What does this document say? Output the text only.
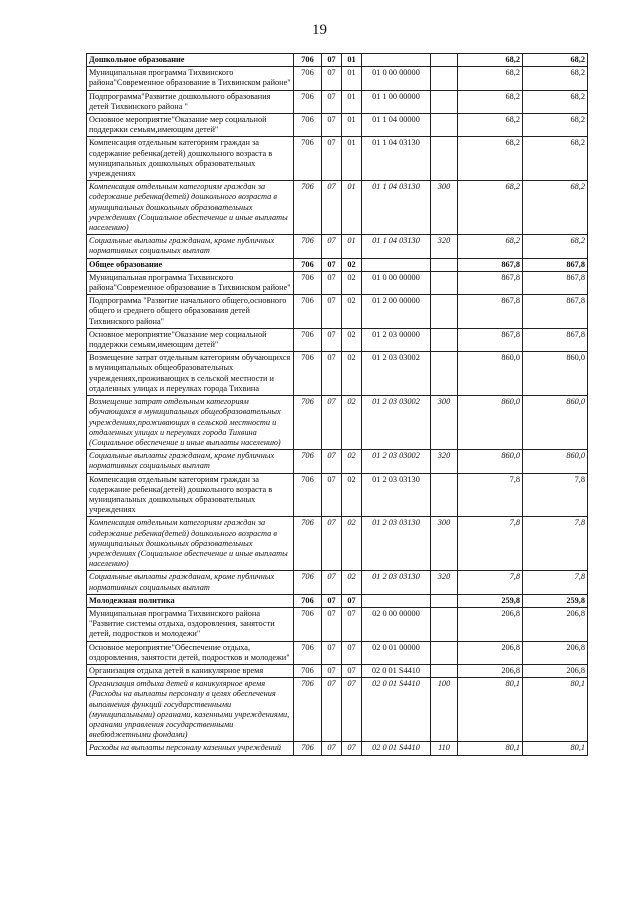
19
Дошкольное образование	706	07	01			68,2	68,2
Муниципальная программа Тихвинского района"Современное образование в Тихвинском районе"	706	07	01	01 0 00 00000		68,2	68,2
Подпрограмма"Развитие дошкольного образования детей Тихвинского района "	706	07	01	01 1 00 00000		68,2	68,2
Основное мероприятие"Оказание мер социальной поддержки семьям,имеющим детей"	706	07	01	01 1 04 00000		68,2	68,2
Компенсация отдельным категориям граждан за содержание ребенка(детей) дошкольного возраста в муниципальных дошкольных образовательных учреждениях	706	07	01	01 1 04 03130		68,2	68,2
Компенсация отдельным категориям граждан за содержание ребенка(детей) дошкольного возраста в муниципальных дошкольных образовательных учреждениях (Социальное обеспечение и иные выплаты населению)	706	07	01	01 1 04 03130	300	68,2	68,2
Социальные выплаты гражданам, кроме публичных нормативных социальных выплат	706	07	01	01 1 04 03130	320	68,2	68,2
Общее образование	706	07	02			867,8	867,8
Муниципальная программа Тихвинского района"Современное образование в Тихвинском районе"	706	07	02	01 0 00 00000		867,8	867,8
Подпрограмма "Развитие начального общего,основного общего и среднего общего образования детей Тихвинского района"	706	07	02	01 2 00 00000		867,8	867,8
Основное мероприятие"Оказание мер социальной поддержки семьям,имеющим детей"	706	07	02	01 2 03 00000		867,8	867,8
Возмещение затрат отдельным категориям обучающихся в муниципальных общеобразовательных учреждениях,проживающих в сельской местности и отдаленных улицах и переулках города Тихвина	706	07	02	01 2 03 03002		860,0	860,0
Возмещение затрат отдельным категориям обучающихся в муниципальных общеобразовательных учреждениях,проживающих в сельской местности и отдаленных улицах и переулках города Тихвина (Социальное обеспечение и иные выплаты населению)	706	07	02	01 2 03 03002	300	860,0	860,0
Социальные выплаты гражданам, кроме публичных нормативных социальных выплат	706	07	02	01 2 03 03002	320	860,0	860,0
Компенсация отдельным категориям граждан за содержание ребенка(детей) дошкольного возраста в муниципальных дошкольных образовательных учреждениях	706	07	02	01 2 03 03130		7,8	7,8
Компенсация отдельным категориям граждан за содержание ребенка(детей) дошкольного возраста в муниципальных дошкольных образовательных учреждениях (Социальное обеспечение и иные выплаты населению)	706	07	02	01 2 03 03130	300	7,8	7,8
Социальные выплаты гражданам, кроме публичных нормативных социальных выплат	706	07	02	01 2 03 03130	320	7,8	7,8
Молодежная политика	706	07	07			259,8	259,8
Муниципальная программа Тихвинского района "Развитие системы отдыха, оздоровления, занятости детей, подростков и молодежи"	706	07	07	02 0 00 00000		206,8	206,8
Основное мероприятие"Обеспечение отдыха, оздоровления, занятости детей, подростков и молодежи"	706	07	07	02 0 01 00000		206,8	206,8
Организация отдыха детей в каникулярное время	706	07	07	02 0 01 S4410		206,8	206,8
Организация отдыха детей в каникулярное время (Расходы на выплаты персоналу в целях обеспечения выполнения функций государственными (муниципальными) органами, казенными учреждениями, органами управления государственными внебюджетными фондами)	706	07	07	02 0 01 S4410	100	80,1	80,1
Расходы на выплаты персоналу казенных учреждений	706	07	07	02 0 01 S4410	110	80,1	80,1
